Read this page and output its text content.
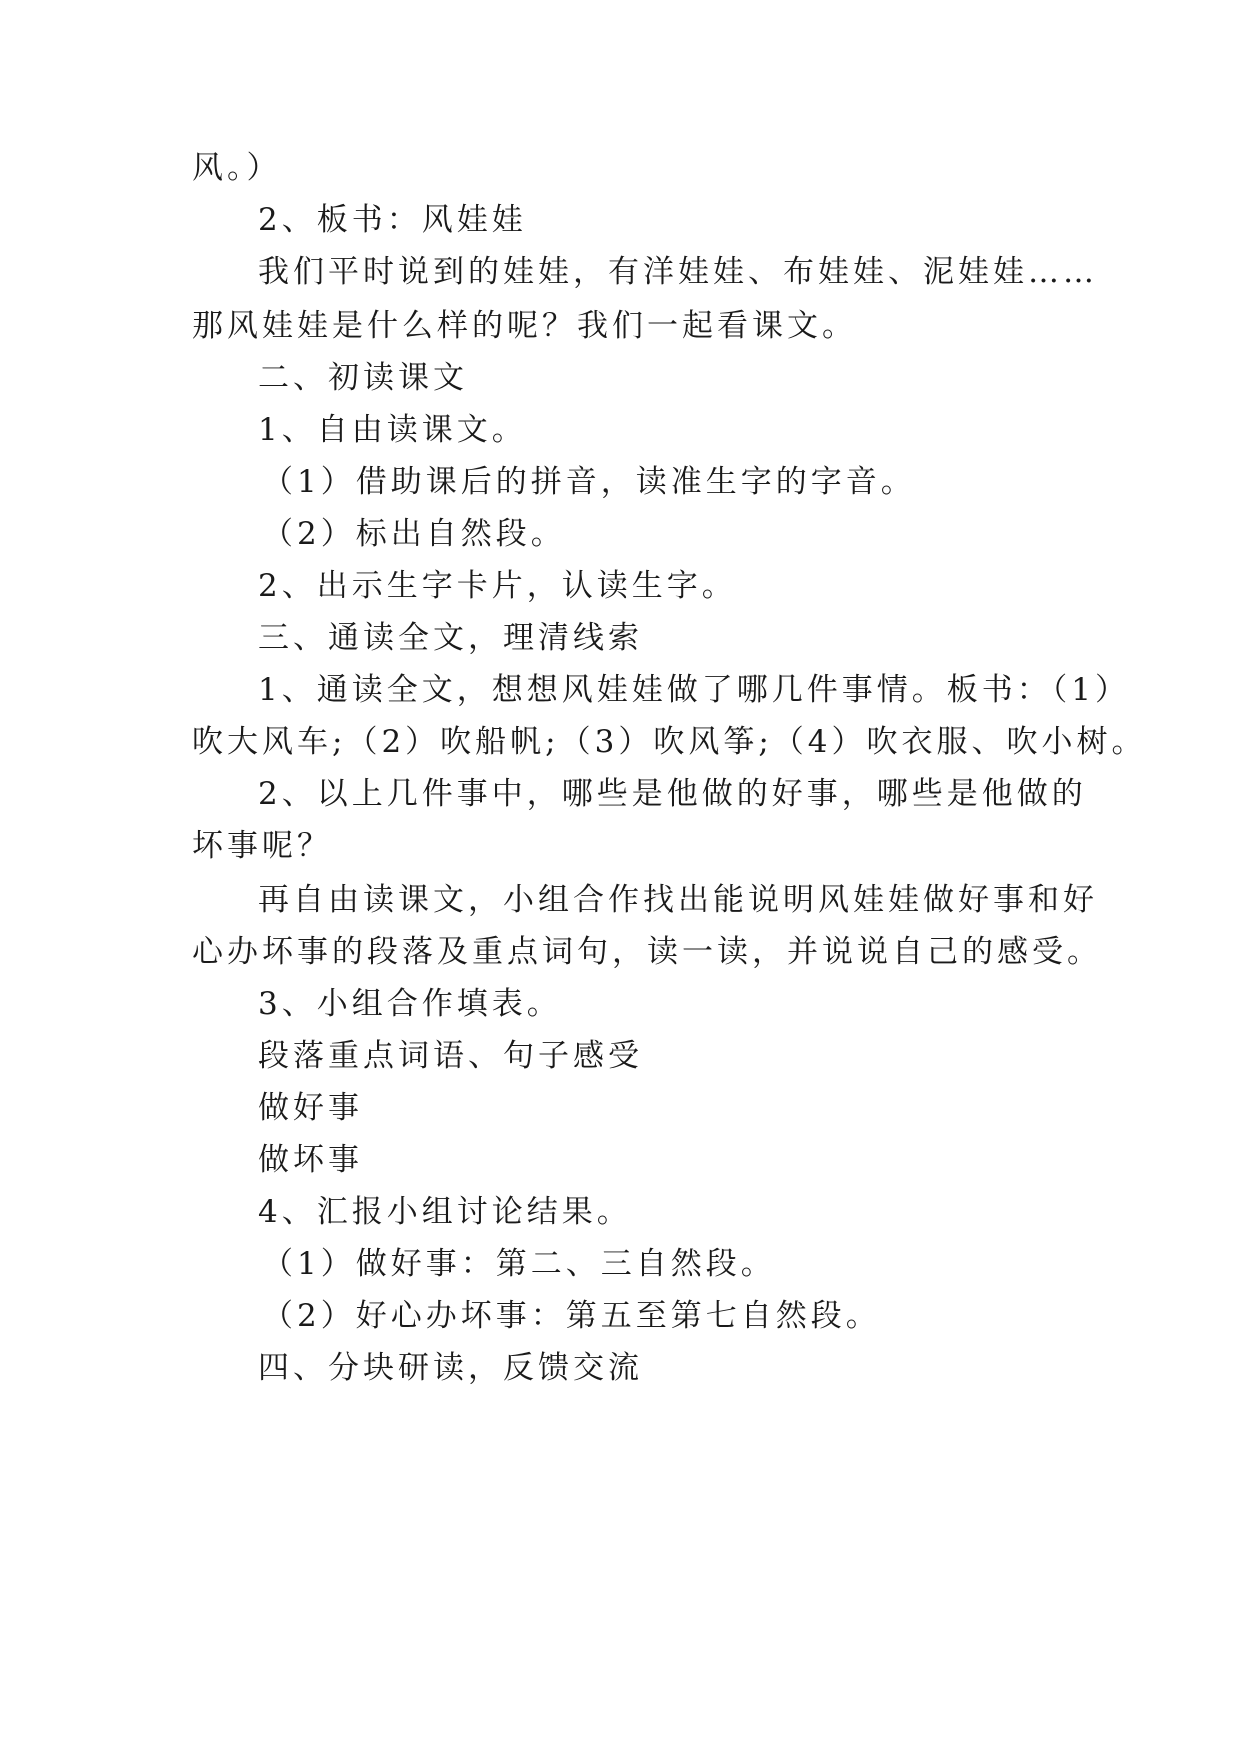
风。）
2、板书：风娃娃
我们平时说到的娃娃，有洋娃娃、布娃娃、泥娃娃……
那风娃娃是什么样的呢？我们一起看课文。
二、初读课文
1、自由读课文。
（1）借助课后的拼音，读准生字的字音。
（2）标出自然段。
2、出示生字卡片，认读生字。
三、通读全文，理清线索
1、通读全文，想想风娃娃做了哪几件事情。板书：（1）
吹大风车;（2）吹船帆;（3）吹风筝;（4）吹衣服、吹小树。
2、以上几件事中，哪些是他做的好事，哪些是他做的
坏事呢？
再自由读课文，小组合作找出能说明风娃娃做好事和好
心办坏事的段落及重点词句，读一读，并说说自己的感受。
3、小组合作填表。
段落重点词语、句子感受
做好事
做坏事
4、汇报小组讨论结果。
（1）做好事：第二、三自然段。
（2）好心办坏事：第五至第七自然段。
四、分块研读，反馈交流
